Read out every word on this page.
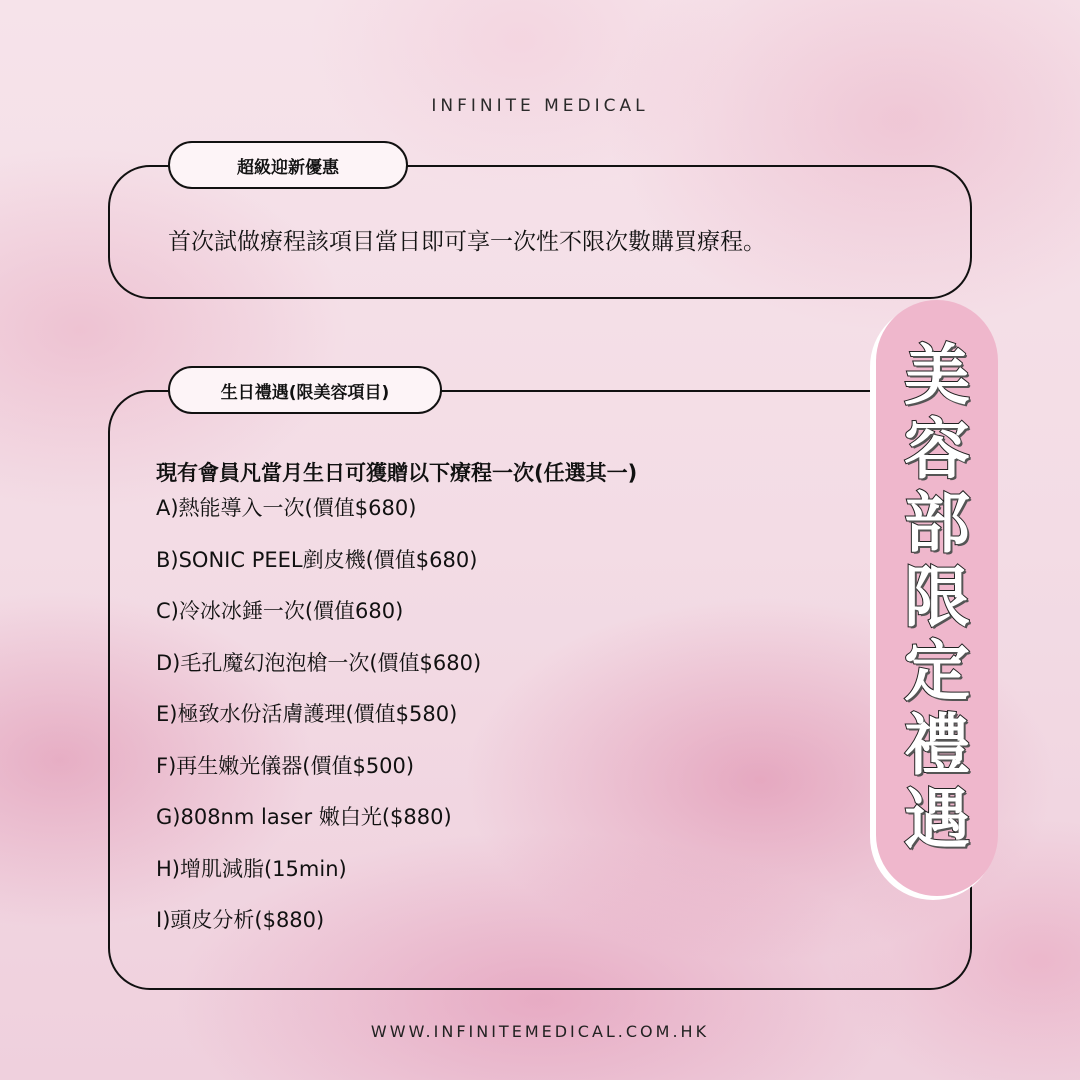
INFINITE MEDICAL
超級迎新優惠
首次試做療程該項目當日即可享一次性不限次數購買療程。
生日禮遇(限美容項目)
現有會員凡當月生日可獲贈以下療程一次(任選其一)
A)熱能導入一次(價值$680)
B)SONIC PEEL剷皮機(價值$680)
C)冷冰冰錘一次(價值680)
D)毛孔魔幻泡泡槍一次(價值$680)
E)極致水份活膚護理(價值$580)
F)再生嫩光儀器(價值$500)
G)808nm laser 嫩白光($880)
H)增肌減脂(15min)
I)頭皮分析($880)
美
容
部
限
定
禮
遇
WWW.INFINITEMEDICAL.COM.HK
